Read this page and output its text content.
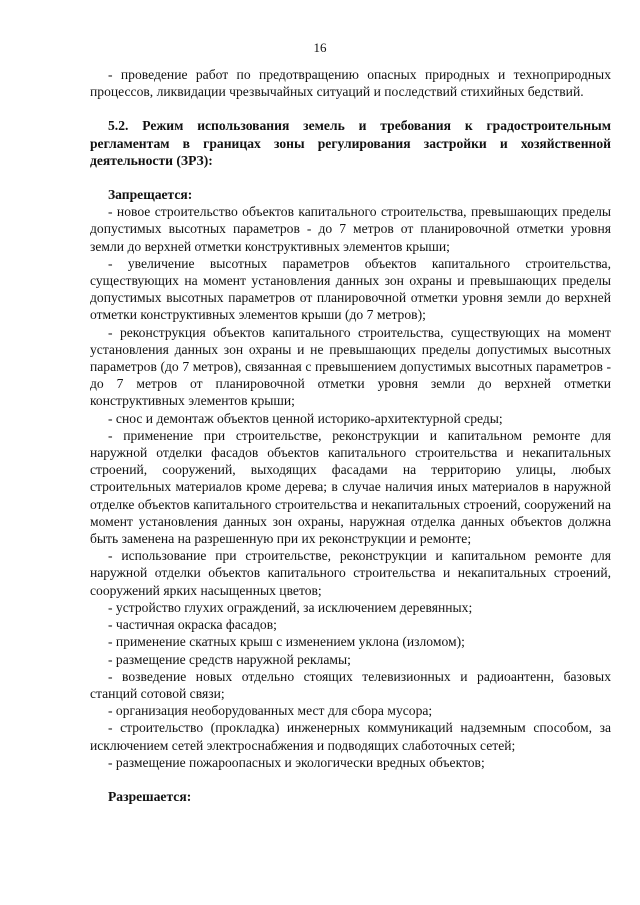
16

- проведение работ по предотвращению опасных природных и техноприродных процессов, ликвидации чрезвычайных ситуаций и последствий стихийных бедствий.

5.2. Режим использования земель и требования к градостроительным регламентам в границах зоны регулирования застройки и хозяйственной деятельности (ЗРЗ):

Запрещается:

- новое строительство объектов капитального строительства, превышающих пределы допустимых высотных параметров - до 7 метров от планировочной отметки уровня земли до верхней отметки конструктивных элементов крыши;

- увеличение высотных параметров объектов капитального строительства, существующих на момент установления данных зон охраны и превышающих пределы допустимых высотных параметров от планировочной отметки уровня земли до верхней отметки конструктивных элементов крыши (до 7 метров);

- реконструкция объектов капитального строительства, существующих на момент установления данных зон охраны и не превышающих пределы допустимых высотных параметров (до 7 метров), связанная с превышением допустимых высотных параметров - до 7 метров от планировочной отметки уровня земли до верхней отметки конструктивных элементов крыши;

- снос и демонтаж объектов ценной историко-архитектурной среды;

- применение при строительстве, реконструкции и капитальном ремонте для наружной отделки фасадов объектов капитального строительства и некапитальных строений, сооружений, выходящих фасадами на территорию улицы, любых строительных материалов кроме дерева; в случае наличия иных материалов в наружной отделке объектов капитального строительства и некапитальных строений, сооружений на момент установления данных зон охраны, наружная отделка данных объектов должна быть заменена на разрешенную при их реконструкции и ремонте;

- использование при строительстве, реконструкции и капитальном ремонте для наружной отделки объектов капитального строительства и некапитальных строений, сооружений ярких насыщенных цветов;

- устройство глухих ограждений, за исключением деревянных;

- частичная окраска фасадов;

- применение скатных крыш с изменением уклона (изломом);

- размещение средств наружной рекламы;

- возведение новых отдельно стоящих телевизионных и радиоантенн, базовых станций сотовой связи;

- организация необорудованных мест для сбора мусора;

- строительство (прокладка) инженерных коммуникаций надземным способом, за исключением сетей электроснабжения и подводящих слаботочных сетей;

- размещение пожароопасных и экологически вредных объектов;

Разрешается:
